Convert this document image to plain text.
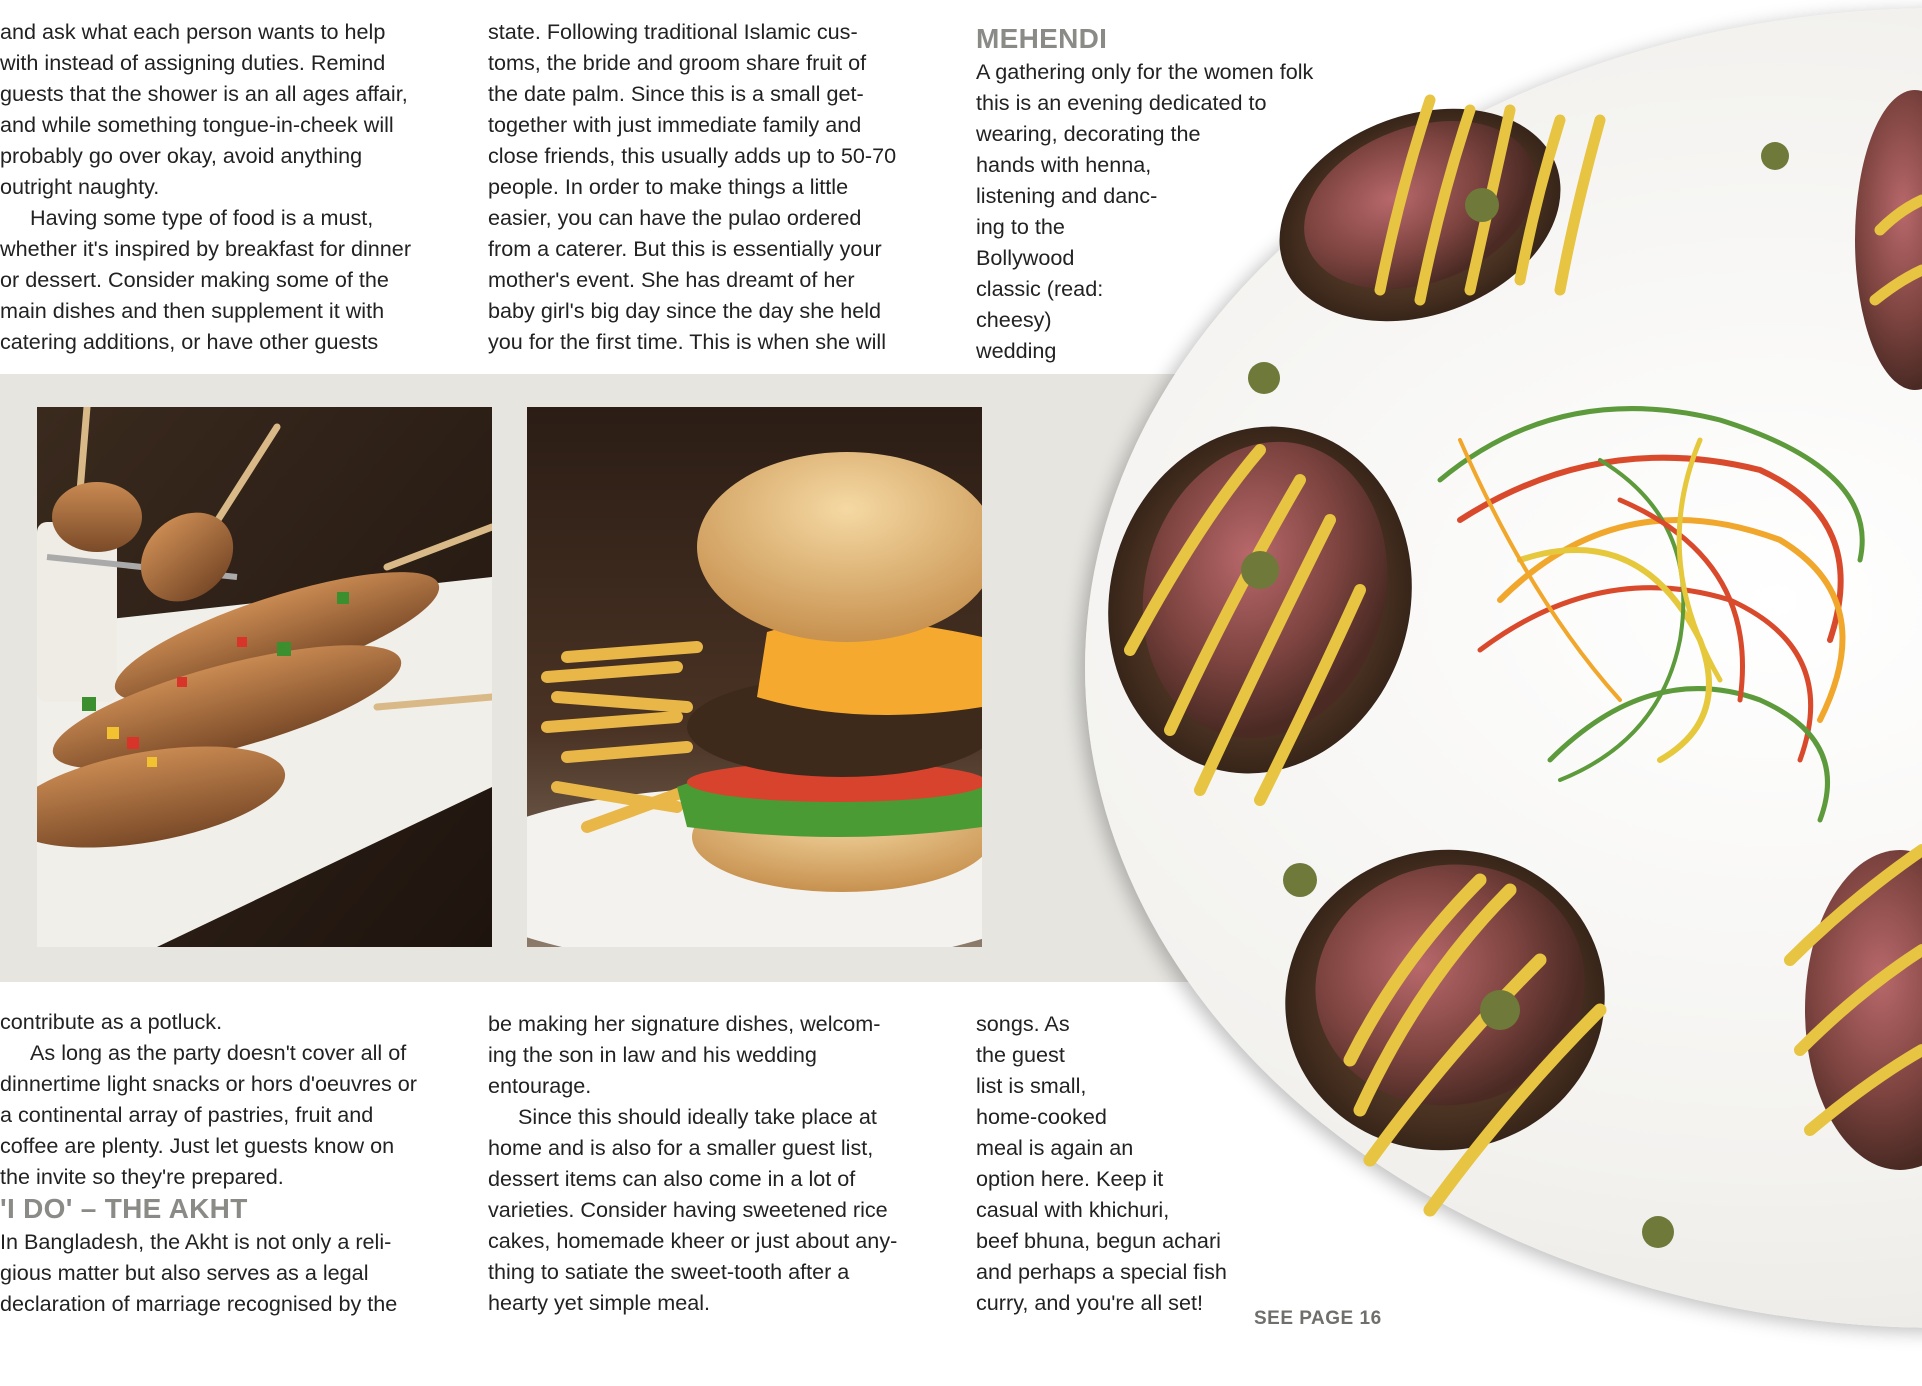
and ask what each person wants to help

with instead of assigning duties. Remind

guests that the shower is an all ages affair,

and while something tongue-in-cheek will

probably go over okay, avoid anything

outright naughty.

Having some type of food is a must,

whether it's inspired by breakfast for dinner

or dessert. Consider making some of the

main dishes and then supplement it with

catering additions, or have other guests

state. Following traditional Islamic cus-

toms, the bride and groom share fruit of

the date palm. Since this is a small get-

together with just immediate family and

close friends, this usually adds up to 50-70

people. In order to make things a little

easier, you can have the pulao ordered

from a caterer. But this is essentially your

mother's event. She has dreamt of her

baby girl's big day since the day she held

you for the first time. This is when she will

MEHENDI

A gathering only for the women folk

this is an evening dedicated to

wearing, decorating the

hands with henna,

listening and danc-

ing to the

Bollywood

classic (read:

cheesy)

wedding

contribute as a potluck.

As long as the party doesn't cover all of

dinnertime light snacks or hors d'oeuvres or

a continental array of pastries, fruit and

coffee are plenty. Just let guests know on

the invite so they're prepared.

'I DO' – THE AKHT

In Bangladesh, the Akht is not only a reli-

gious matter but also serves as a legal

declaration of marriage recognised by the

be making her signature dishes, welcom-

ing the son in law and his wedding

entourage.

Since this should ideally take place at

home and is also for a smaller guest list,

dessert items can also come in a lot of

varieties. Consider having sweetened rice

cakes, homemade kheer or just about any-

thing to satiate the sweet-tooth after a

hearty yet simple meal.

songs. As

the guest

list is small,

home-cooked

meal is again an

option here. Keep it

casual with khichuri,

beef bhuna, begun achari

and perhaps a special fish

curry, and you're all set!

SEE PAGE 16
